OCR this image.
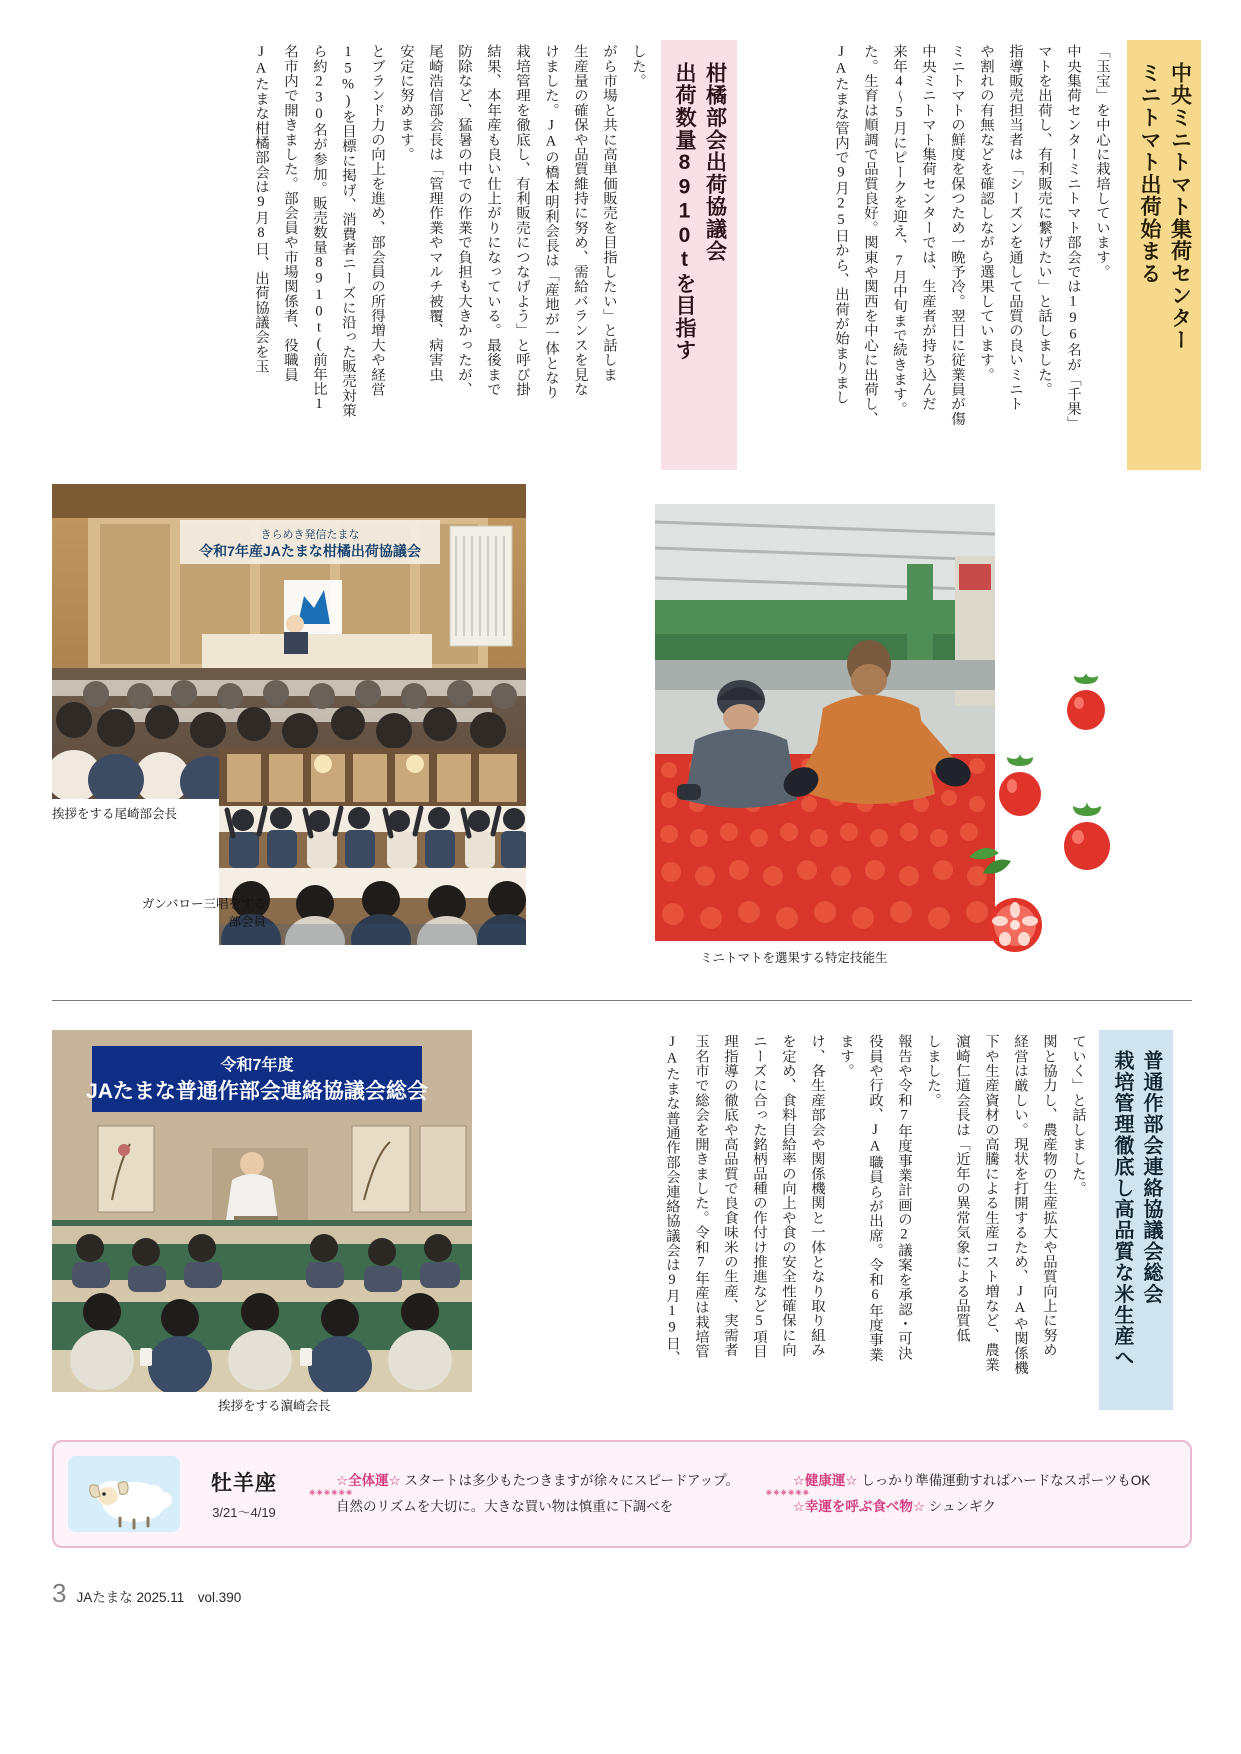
ミニトマト出荷始まる 中央ミニトマト集荷センター
JAたまな管内で9月25日から、出荷が始まりまし た。生育は順調で品質良好。関東や関西を中心に出荷し、 来年4〜5月にピークを迎え、7月中旬まで続きます。 中央ミニトマト集荷センターでは、生産者が持ち込んだ ミニトマトの鮮度を保つため一晩予冷。翌日に従業員が傷 や割れの有無などを確認しながら選果しています。 指導販売担当者は「シーズンを通して品質の良いミニト マトを出荷し、有利販売に繋げたい」と話しました。 中央集荷センターミニトマト部会では196名が「千果」 「玉宝」を中心に栽培しています。
出荷数量8910tを目指す 柑橘部会出荷協議会
JAたまな柑橘部会は9月8日、出荷協議会を玉 名市内で開きました。部会員や市場関係者、役職員 ら約230名が参加。販売数量8910t(前年比1 15%)を目標に掲げ、消費者ニーズに沿った販売対策 とブランド力の向上を進め、部会員の所得増大や経営 安定に努めます。 尾崎浩信部会長は「管理作業やマルチ被覆、病害虫 防除など、猛暑の中での作業で負担も大きかったが、 結果、本年産も良い仕上がりになっている。最後まで 栽培管理を徹底し、有利販売につなげよう」と呼び掛 けました。JAの橋本明利会長は「産地が一体となり 生産量の確保や品質維持に努め、需給バランスを見な がら市場と共に高単価販売を目指したい」と話しま した。
きらめき発信たまな
令和7年産JAたまな柑橘出荷協議会
挨拶をする尾崎部会長
ガンバロー三唱をする
部会員
ミニトマトを選果する特定技能生
栽培管理徹底し高品質な米生産へ 普通作部会連絡協議会総会
JAたまな普通作部会連絡協議会は9月19日、 玉名市で総会を開きました。令和7年産は栽培管 理指導の徹底や高品質で良食味米の生産、実需者 ニーズに合った銘柄品種の作付け推進など5項目 を定め、食料自給率の向上や食の安全性確保に向 け、各生産部会や関係機関と一体となり取り組み ます。 役員や行政、JA職員らが出席。令和6年度事業 報告や令和7年度事業計画の2議案を承認・可決 しました。 濵崎仁道会長は「近年の異常気象による品質低 下や生産資材の高騰による生産コスト増など、農業 経営は厳しい。現状を打開するため、JAや関係機 関と協力し、農産物の生産拡大や品質向上に努め ていく」と話しました。
令和7年度
JAたまな普通作部会連絡協議会総会
挨拶をする濵崎会長
牡羊座
3/21〜4/19
✷✷✷✷✷✷
☆全体運☆ スタートは多少もたつきますが徐々にスピードアップ。
自然のリズムを大切に。大きな買い物は慎重に下調べを
✷✷✷✷✷✷
☆健康運☆ しっかり準備運動すればハードなスポーツもOK
☆幸運を呼ぶ食べ物☆ シュンギク
3 JAたまな 2025.11　vol.390
